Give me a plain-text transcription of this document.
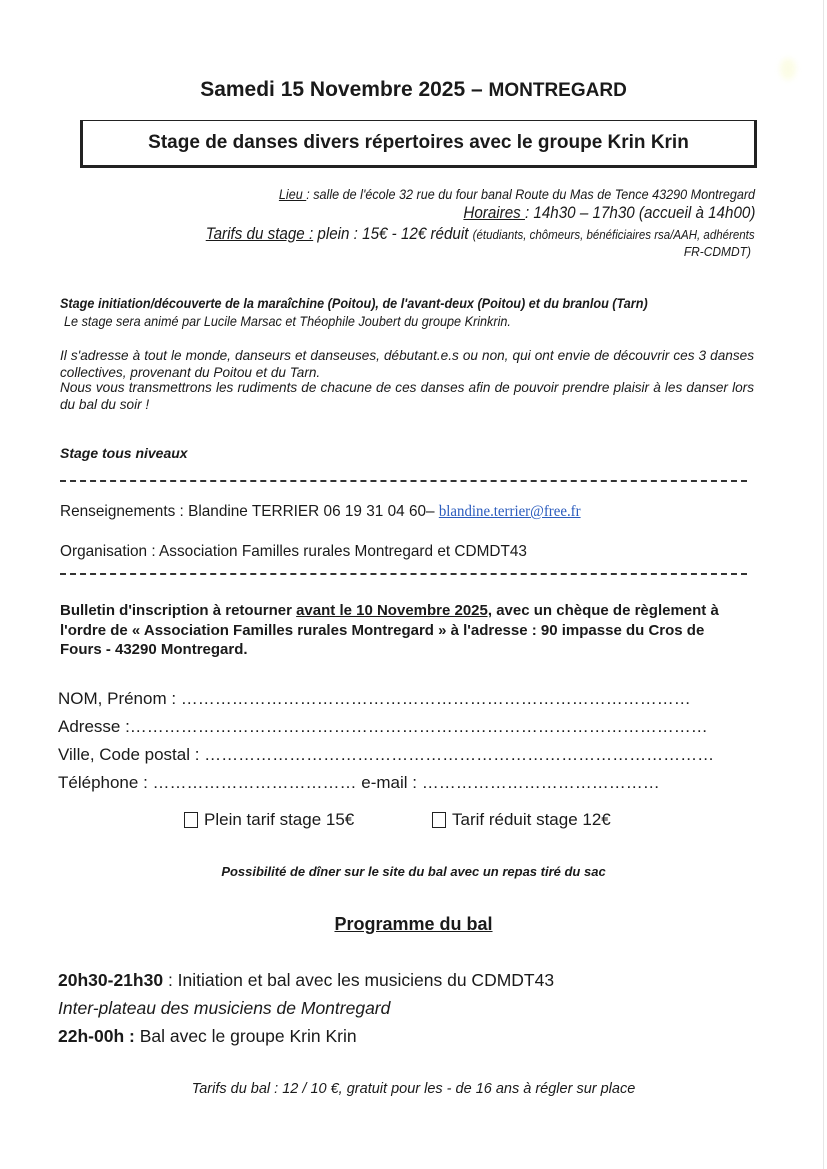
Samedi 15 Novembre 2025 – MONTREGARD
Stage de danses divers répertoires avec le groupe Krin Krin
Lieu : salle de l'école 32 rue du four banal Route du Mas de Tence 43290 Montregard
Horaires : 14h30 – 17h30 (accueil à 14h00)
Tarifs du stage : plein : 15€ - 12€ réduit (étudiants, chômeurs, bénéficiaires rsa/AAH, adhérents
FR-CDMDT)
Stage initiation/découverte de la maraîchine (Poitou), de l'avant-deux (Poitou) et du branlou (Tarn)
Le stage sera animé par Lucile Marsac et Théophile Joubert du groupe Krinkrin.
Il s'adresse à tout le monde, danseurs et danseuses, débutant.e.s ou non, qui ont envie de découvrir ces 3 danses collectives, provenant du Poitou et du Tarn.
Nous vous transmettrons les rudiments de chacune de ces danses afin de pouvoir prendre plaisir à les danser lors du bal du soir !
Stage tous niveaux
Renseignements : Blandine TERRIER 06 19 31 04 60– blandine.terrier@free.fr
Organisation : Association Familles rurales Montregard et CDMDT43
Bulletin d'inscription à retourner avant le 10 Novembre 2025, avec un chèque de règlement à l'ordre de « Association Familles rurales Montregard » à l'adresse : 90 impasse du Cros de Fours - 43290 Montregard.
NOM, Prénom : ………………………………………………………………………………
Adresse :…………………………………………………………………………………………
Ville, Code postal : ………………………………………………………………………………
Téléphone : ……………………………… e-mail : ……………………………………
Plein tarif stage 15€	Tarif réduit stage 12€
Possibilité de dîner sur le site du bal avec un repas tiré du sac
Programme du bal
20h30-21h30 : Initiation et bal avec les musiciens du CDMDT43
Inter-plateau des musiciens de Montregard
22h-00h : Bal avec le groupe Krin Krin
Tarifs du bal : 12 / 10 €, gratuit pour les - de 16 ans à régler sur place
